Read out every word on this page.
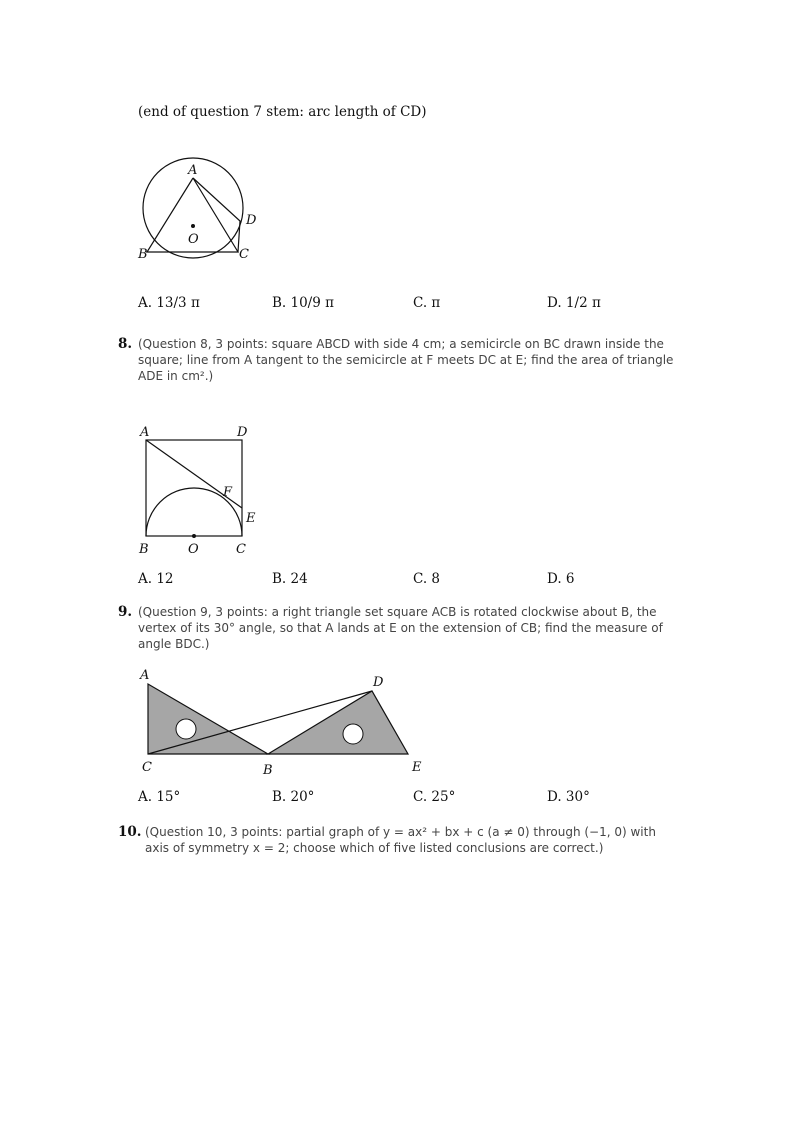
(end of question 7 stem: arc length of CD)
A
B	C
D
O
A. 13/3 π	B. 10/9 π	C. π	D. 1/2 π
8. (Question 8, 3 points: square ABCD with side 4 cm; a semicircle on BC drawn inside the square; line from A tangent to the semicircle at F meets DC at E; find the area of triangle ADE in cm².)
A	D
B	C
O
F
E
A. 12	B. 24	C. 8	D. 6
9. (Question 9, 3 points: a right triangle set square ACB is rotated clockwise about B, the vertex of its 30° angle, so that A lands at E on the extension of CB; find the measure of angle BDC.)
A
C	B
D
E
A. 15°	B. 20°	C. 25°	D. 30°
10. (Question 10, 3 points: partial graph of y = ax² + bx + c (a ≠ 0) through (−1, 0) with axis of symmetry x = 2; choose which of five listed conclusions are correct.)
